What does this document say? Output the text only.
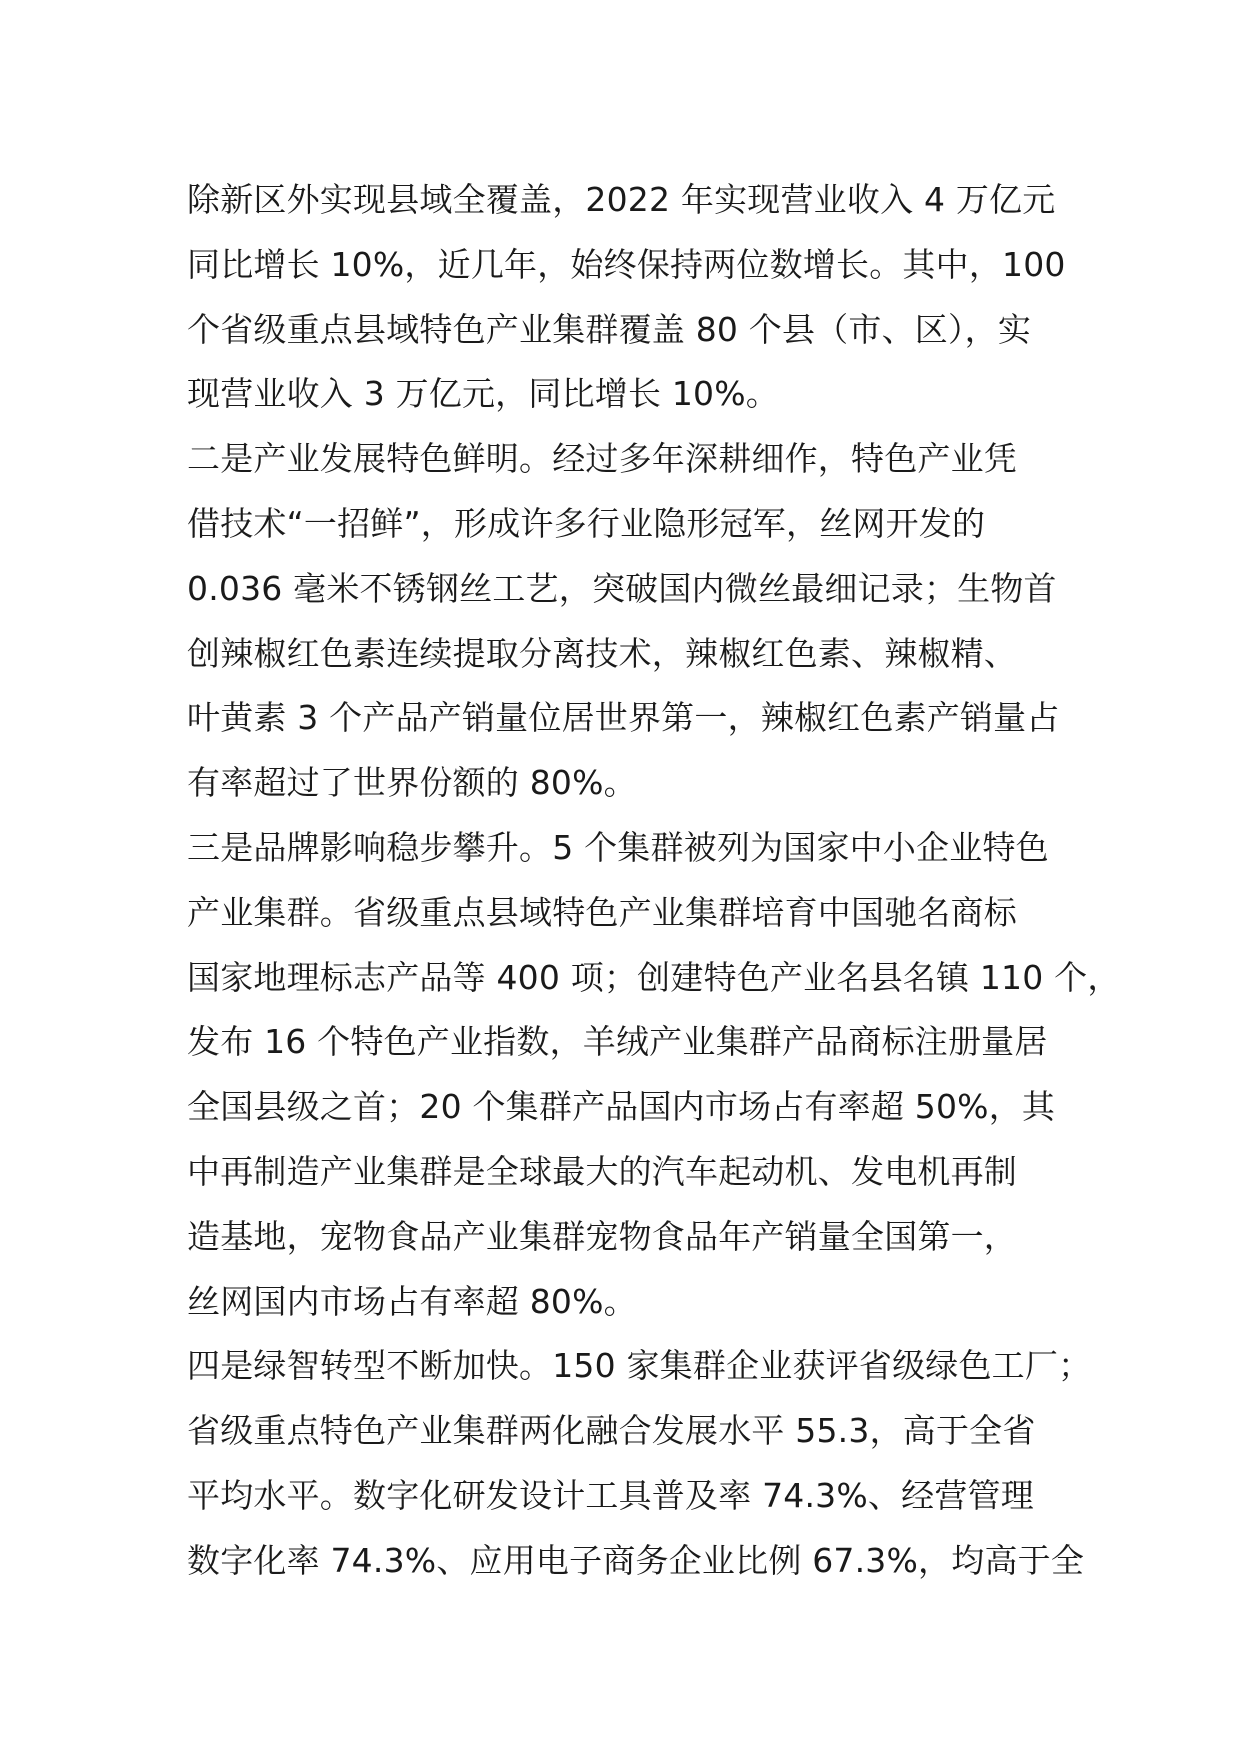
除新区外实现县域全覆盖，2022 年实现营业收入 4 万亿元
同比增长 10%，近几年，始终保持两位数增长。其中，100
个省级重点县域特色产业集群覆盖 80 个县（市、区），实
现营业收入 3 万亿元，同比增长 10%。
二是产业发展特色鲜明。经过多年深耕细作，特色产业凭
借技术“一招鲜”，形成许多行业隐形冠军，丝网开发的
0.036 毫米不锈钢丝工艺，突破国内微丝最细记录；生物首
创辣椒红色素连续提取分离技术，辣椒红色素、辣椒精、
叶黄素 3 个产品产销量位居世界第一，辣椒红色素产销量占
有率超过了世界份额的 80%。
三是品牌影响稳步攀升。5 个集群被列为国家中小企业特色
产业集群。省级重点县域特色产业集群培育中国驰名商标
国家地理标志产品等 400 项；创建特色产业名县名镇 110 个，
发布 16 个特色产业指数，羊绒产业集群产品商标注册量居
全国县级之首；20 个集群产品国内市场占有率超 50%，其
中再制造产业集群是全球最大的汽车起动机、发电机再制
造基地，宠物食品产业集群宠物食品年产销量全国第一，
丝网国内市场占有率超 80%。
四是绿智转型不断加快。150 家集群企业获评省级绿色工厂；
省级重点特色产业集群两化融合发展水平 55.3，高于全省
平均水平。数字化研发设计工具普及率 74.3%、经营管理
数字化率 74.3%、应用电子商务企业比例 67.3%，均高于全
